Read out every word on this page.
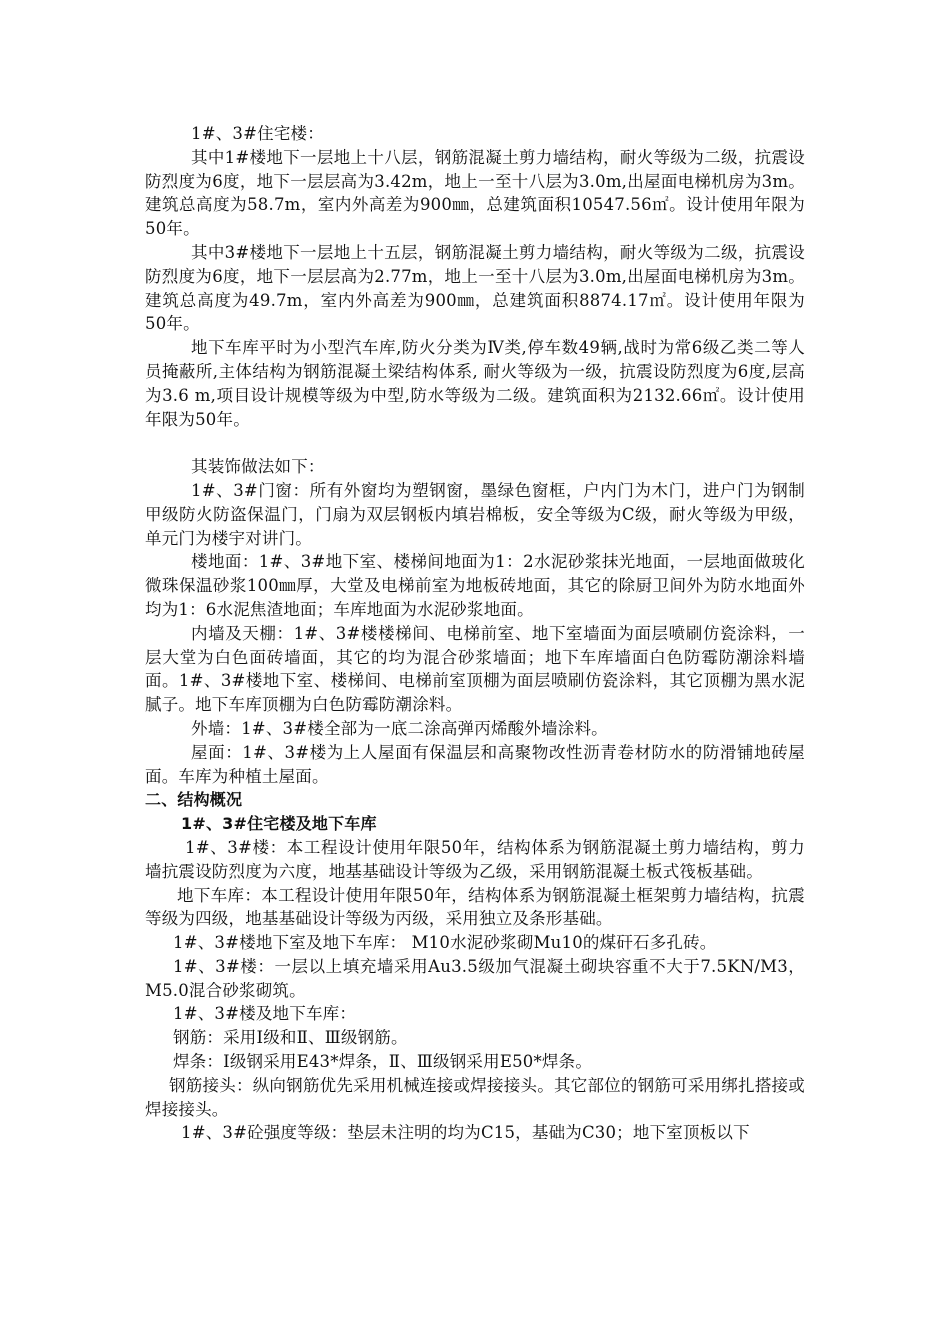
1#、3#住宅楼：

其中1#楼地下一层地上十八层，钢筋混凝土剪力墙结构，耐火等级为二级，抗震设防烈度为6度，地下一层层高为3.42m，地上一至十八层为3.0m,出屋面电梯机房为3m。建筑总高度为58.7m，室内外高差为900㎜，总建筑面积10547.56㎡。设计使用年限为50年。

其中3#楼地下一层地上十五层，钢筋混凝土剪力墙结构，耐火等级为二级，抗震设防烈度为6度，地下一层层高为2.77m，地上一至十八层为3.0m,出屋面电梯机房为3m。建筑总高度为49.7m，室内外高差为900㎜，总建筑面积8874.17㎡。设计使用年限为50年。

地下车库平时为小型汽车库,防火分类为Ⅳ类,停车数49辆,战时为常6级乙类二等人员掩蔽所,主体结构为钢筋混凝土梁结构体系, 耐火等级为一级，抗震设防烈度为6度,层高为3.6 m,项目设计规模等级为中型,防水等级为二级。建筑面积为2132.66㎡。设计使用年限为50年。

其装饰做法如下：

1#、3#门窗：所有外窗均为塑钢窗，墨绿色窗框，户内门为木门，进户门为钢制甲级防火防盗保温门，门扇为双层钢板内填岩棉板，安全等级为C级，耐火等级为甲级，单元门为楼宇对讲门。

楼地面：1#、3#地下室、楼梯间地面为1：2水泥砂浆抹光地面，一层地面做玻化微珠保温砂浆100㎜厚，大堂及电梯前室为地板砖地面，其它的除厨卫间外为防水地面外均为1：6水泥焦渣地面；车库地面为水泥砂浆地面。

内墙及天棚：1#、3#楼楼梯间、电梯前室、地下室墙面为面层喷刷仿瓷涂料，一层大堂为白色面砖墙面，其它的均为混合砂浆墙面；地下车库墙面白色防霉防潮涂料墙面。1#、3#楼地下室、楼梯间、电梯前室顶棚为面层喷刷仿瓷涂料，其它顶棚为黑水泥腻子。地下车库顶棚为白色防霉防潮涂料。

外墙：1#、3#楼全部为一底二涂高弹丙烯酸外墙涂料。

屋面：1#、3#楼为上人屋面有保温层和高聚物改性沥青卷材防水的防滑铺地砖屋面。车库为种植土屋面。

二、结构概况

1#、3#住宅楼及地下车库

1#、3#楼：本工程设计使用年限50年，结构体系为钢筋混凝土剪力墙结构，剪力墙抗震设防烈度为六度，地基基础设计等级为乙级，采用钢筋混凝土板式筏板基础。

地下车库：本工程设计使用年限50年，结构体系为钢筋混凝土框架剪力墙结构，抗震等级为四级，地基基础设计等级为丙级，采用独立及条形基础。

1#、3#楼地下室及地下车库： M10水泥砂浆砌Mu10的煤矸石多孔砖。

1#、3#楼：一层以上填充墙采用Au3.5级加气混凝土砌块容重不大于7.5KN/M3，M5.0混合砂浆砌筑。

1#、3#楼及地下车库：

钢筋：采用Ⅰ级和Ⅱ、Ⅲ级钢筋。

焊条：Ⅰ级钢采用E43*焊条，Ⅱ、Ⅲ级钢采用E50*焊条。

钢筋接头：纵向钢筋优先采用机械连接或焊接接头。其它部位的钢筋可采用绑扎搭接或焊接接头。

1#、3#砼强度等级：垫层未注明的均为C15，基础为C30；地下室顶板以下
